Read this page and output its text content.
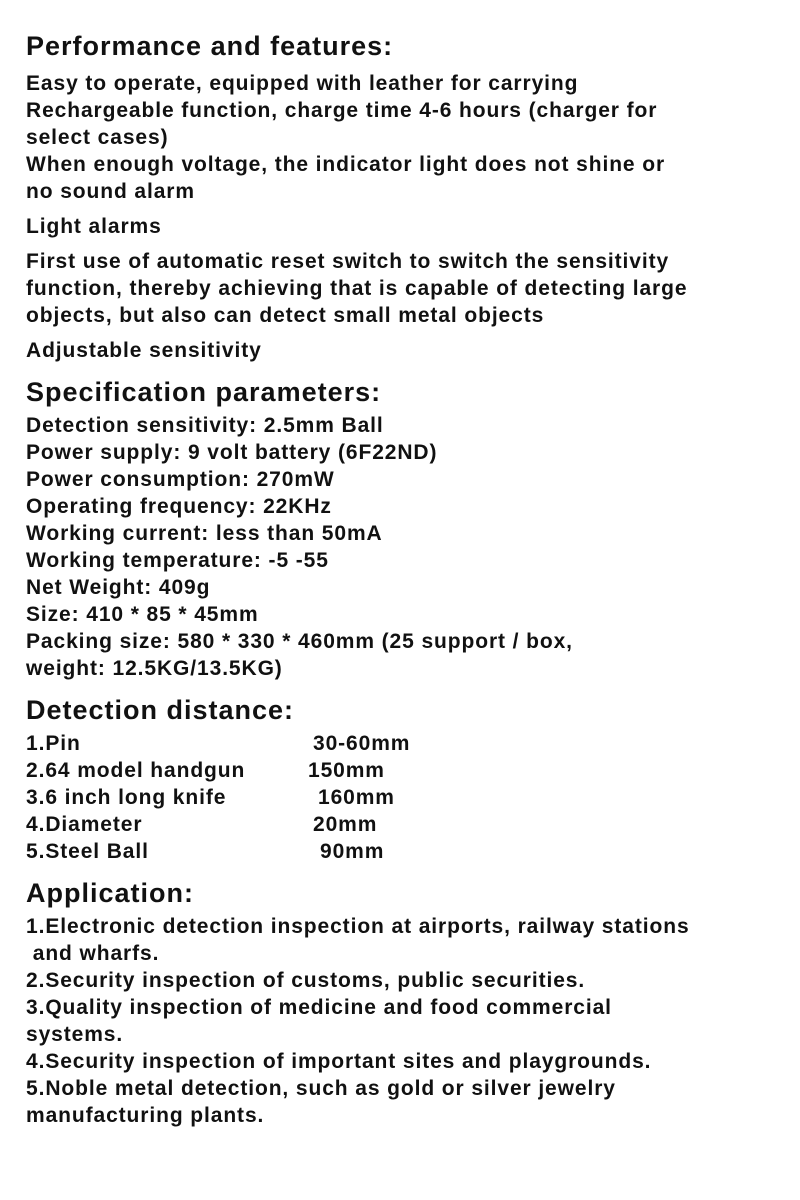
Performance and features:

Easy to operate, equipped with leather for carrying

Rechargeable function, charge time 4-6 hours (charger for

select cases)

When enough voltage, the indicator light does not shine or

no sound alarm

Light alarms

First use of automatic reset switch to switch the sensitivity

function, thereby achieving that is capable of detecting large

objects, but also can detect small metal objects

Adjustable sensitivity

Specification parameters:

Detection sensitivity: 2.5mm Ball

Power supply: 9 volt battery (6F22ND)

Power consumption: 270mW

Operating frequency: 22KHz

Working current: less than 50mA

Working temperature: -5 -55

Net Weight: 409g

Size: 410 * 85 * 45mm

Packing size: 580 * 330 * 460mm (25 support / box,

weight: 12.5KG/13.5KG)

Detection distance:
1.Pin	30-60mm
2.64 model handgun	150mm
3.6 inch long knife	160mm
4.Diameter	20mm
5.Steel Ball	90mm
Application:

1.Electronic detection inspection at airports, railway stations

and wharfs.

2.Security inspection of customs, public securities.

3.Quality inspection of medicine and food commercial

systems.

4.Security inspection of important sites and playgrounds.

5.Noble metal detection, such as gold or silver jewelry

manufacturing plants.
